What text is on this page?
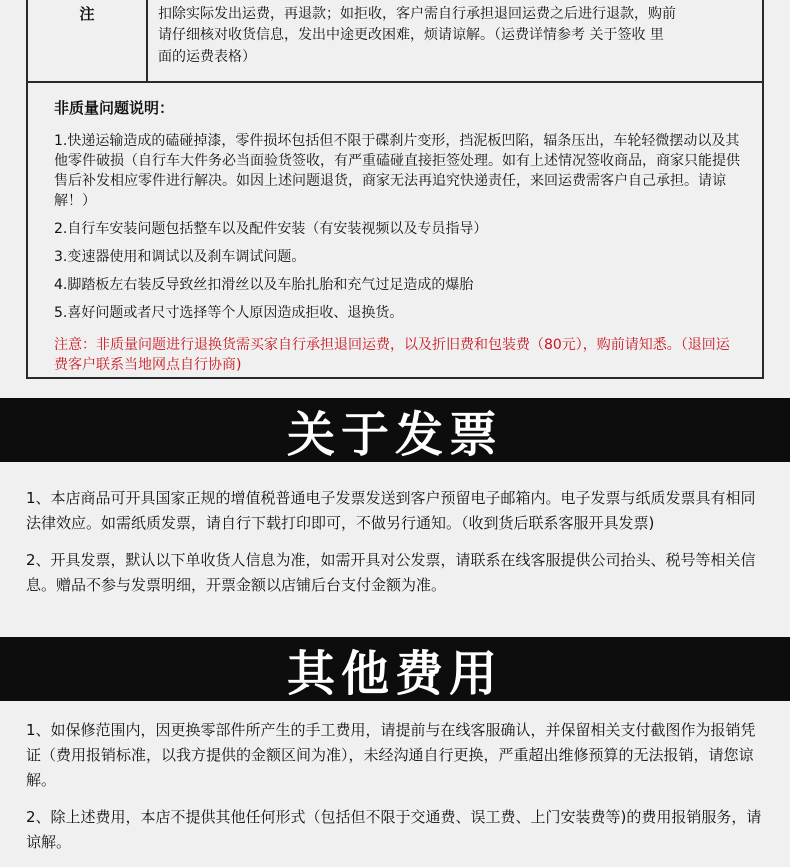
注	扣除实际发出运费，再退款；如拒收，客户需自行承担退回运费之后进行退款，购前
请仔细核对收货信息，发出中途更改困难，烦请谅解。（运费详情参考 关于签收 里
面的运费表格）
非质量问题说明：
1.快递运输造成的磕碰掉漆，零件损坏包括但不限于碟刹片变形，挡泥板凹陷，辐条压出，车轮轻微摆动以及其他零件破损（自行车大件务必当面验货签收，有严重磕碰直接拒签处理。如有上述情况签收商品，商家只能提供售后补发相应零件进行解决。如因上述问题退货，商家无法再追究快递责任，来回运费需客户自己承担。请谅解！）
2.自行车安装问题包括整车以及配件安装（有安装视频以及专员指导）
3.变速器使用和调试以及刹车调试问题。
4.脚踏板左右装反导致丝扣滑丝以及车胎扎胎和充气过足造成的爆胎
5.喜好问题或者尺寸选择等个人原因造成拒收、退换货。
注意：非质量问题进行退换货需买家自行承担退回运费，以及折旧费和包装费（80元），购前请知悉。（退回运费客户联系当地网点自行协商)
关于发票

1、本店商品可开具国家正规的增值税普通电子发票发送到客户预留电子邮箱内。电子发票与纸质发票具有相同法律效应。如需纸质发票，请自行下载打印即可，不做另行通知。（收到货后联系客服开具发票)

2、开具发票，默认以下单收货人信息为准，如需开具对公发票，请联系在线客服提供公司抬头、税号等相关信息。赠品不参与发票明细，开票金额以店铺后台支付金额为准。

其他费用

1、如保修范围内，因更换零部件所产生的手工费用，请提前与在线客服确认，并保留相关支付截图作为报销凭证（费用报销标准，以我方提供的金额区间为准），未经沟通自行更换，严重超出维修预算的无法报销，请您谅解。

2、除上述费用，本店不提供其他任何形式（包括但不限于交通费、误工费、上门安装费等)的费用报销服务，请谅解。
